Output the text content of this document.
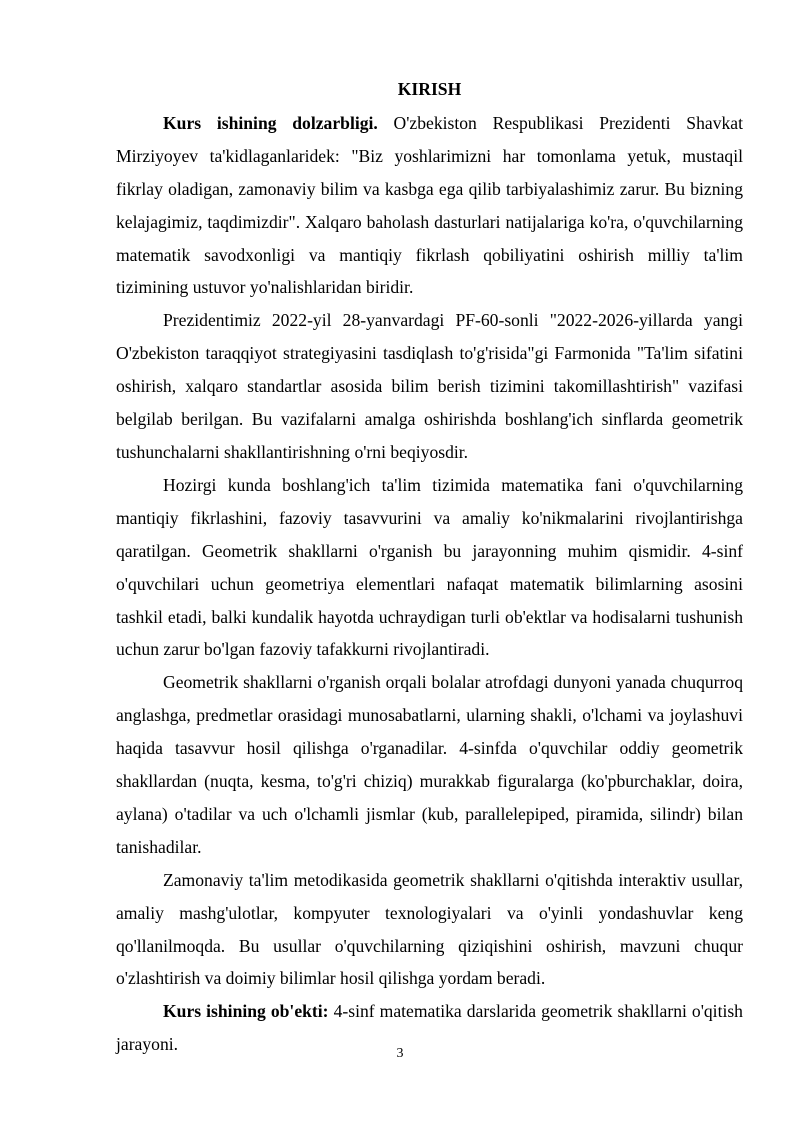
KIRISH

Kurs ishining dolzarbligi. O'zbekiston Respublikasi Prezidenti Shavkat Mirziyoyev ta'kidlaganlaridek: "Biz yoshlarimizni har tomonlama yetuk, mustaqil fikrlay oladigan, zamonaviy bilim va kasbga ega qilib tarbiyalashimiz zarur. Bu bizning kelajagimiz, taqdimizdir". Xalqaro baholash dasturlari natijalariga ko'ra, o'quvchilarning matematik savodxonligi va mantiqiy fikrlash qobiliyatini oshirish milliy ta'lim tizimining ustuvor yo'nalishlaridan biridir.

Prezidentimiz 2022-yil 28-yanvardagi PF-60-sonli "2022-2026-yillarda yangi O'zbekiston taraqqiyot strategiyasini tasdiqlash to'g'risida"gi Farmonida "Ta'lim sifatini oshirish, xalqaro standartlar asosida bilim berish tizimini takomillashtirish" vazifasi belgilab berilgan. Bu vazifalarni amalga oshirishda boshlang'ich sinflarda geometrik tushunchalarni shakllantirishning o'rni beqiyosdir.

Hozirgi kunda boshlang'ich ta'lim tizimida matematika fani o'quvchilarning mantiqiy fikrlashini, fazoviy tasavvurini va amaliy ko'nikmalarini rivojlantirishga qaratilgan. Geometrik shakllarni o'rganish bu jarayonning muhim qismidir. 4-sinf o'quvchilari uchun geometriya elementlari nafaqat matematik bilimlarning asosini tashkil etadi, balki kundalik hayotda uchraydigan turli ob'ektlar va hodisalarni tushunish uchun zarur bo'lgan fazoviy tafakkurni rivojlantiradi.

Geometrik shakllarni o'rganish orqali bolalar atrofdagi dunyoni yanada chuqurroq anglashga, predmetlar orasidagi munosabatlarni, ularning shakli, o'lchami va joylashuvi haqida tasavvur hosil qilishga o'rganadilar. 4-sinfda o'quvchilar oddiy geometrik shakllardan (nuqta, kesma, to'g'ri chiziq) murakkab figuralarga (ko'pburchaklar, doira, aylana) o'tadilar va uch o'lchamli jismlar (kub, parallelepiped, piramida, silindr) bilan tanishadilar.

Zamonaviy ta'lim metodikasida geometrik shakllarni o'qitishda interaktiv usullar, amaliy mashg'ulotlar, kompyuter texnologiyalari va o'yinli yondashuvlar keng qo'llanilmoqda. Bu usullar o'quvchilarning qiziqishini oshirish, mavzuni chuqur o'zlashtirish va doimiy bilimlar hosil qilishga yordam beradi.

Kurs ishining ob'ekti: 4-sinf matematika darslarida geometrik shakllarni o'qitish jarayoni.	3
